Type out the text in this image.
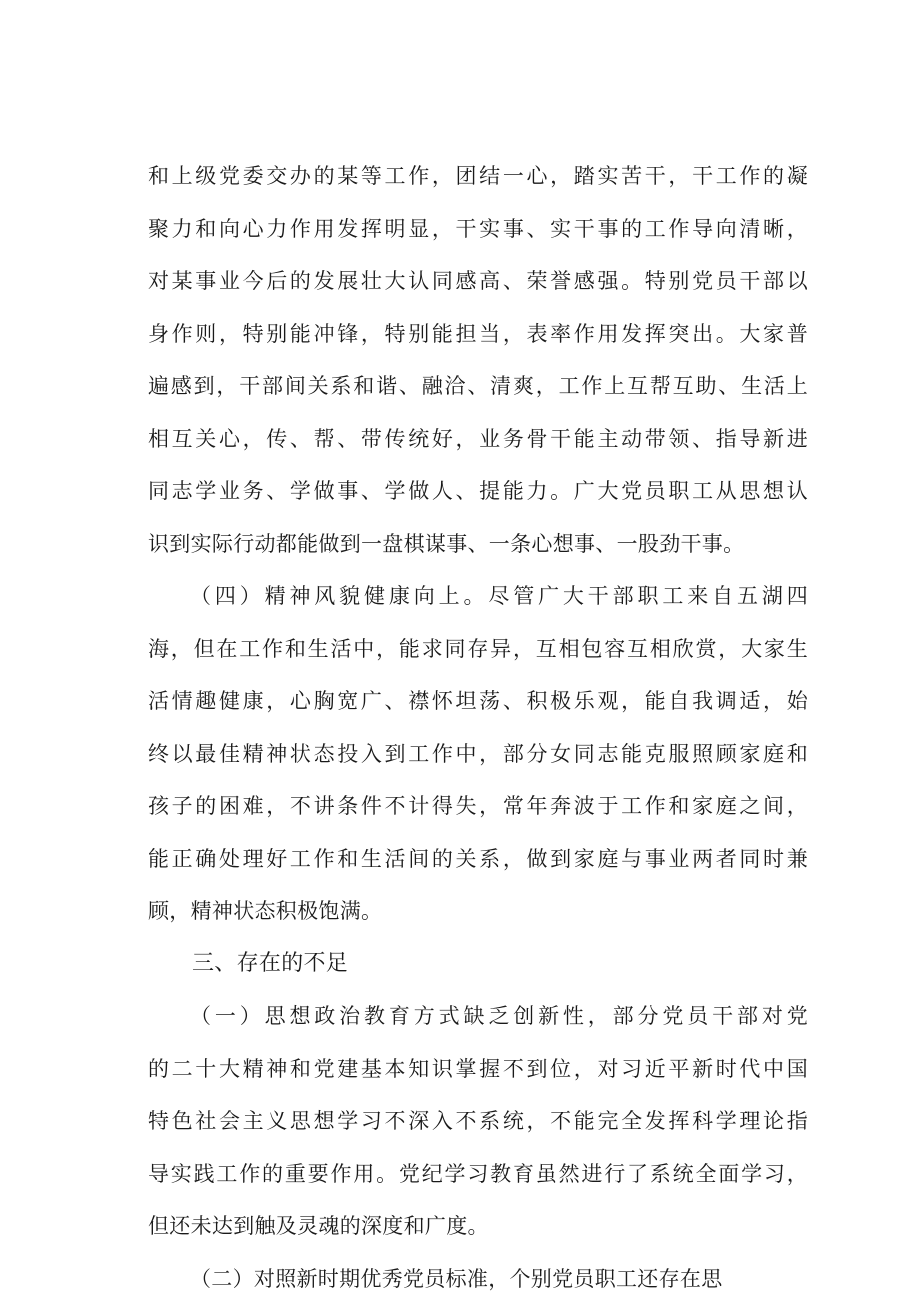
和上级党委交办的某等工作，团结一心，踏实苦干，干工作的凝
聚力和向心力作用发挥明显，干实事、实干事的工作导向清晰，
对某事业今后的发展壮大认同感高、荣誉感强。特别党员干部以
身作则，特别能冲锋，特别能担当，表率作用发挥突出。大家普
遍感到，干部间关系和谐、融洽、清爽，工作上互帮互助、生活上
相互关心，传、帮、带传统好，业务骨干能主动带领、指导新进
同志学业务、学做事、学做人、提能力。广大党员职工从思想认
识到实际行动都能做到一盘棋谋事、一条心想事、一股劲干事。
（四）精神风貌健康向上。尽管广大干部职工来自五湖四
海，但在工作和生活中，能求同存异，互相包容互相欣赏，大家生
活情趣健康，心胸宽广、襟怀坦荡、积极乐观，能自我调适，始
终以最佳精神状态投入到工作中，部分女同志能克服照顾家庭和
孩子的困难，不讲条件不计得失，常年奔波于工作和家庭之间，
能正确处理好工作和生活间的关系，做到家庭与事业两者同时兼
顾，精神状态积极饱满。
三、存在的不足
（一）思想政治教育方式缺乏创新性，部分党员干部对党
的二十大精神和党建基本知识掌握不到位，对习近平新时代中国
特色社会主义思想学习不深入不系统，不能完全发挥科学理论指
导实践工作的重要作用。党纪学习教育虽然进行了系统全面学习，
但还未达到触及灵魂的深度和广度。
（二）对照新时期优秀党员标准，个别党员职工还存在思
